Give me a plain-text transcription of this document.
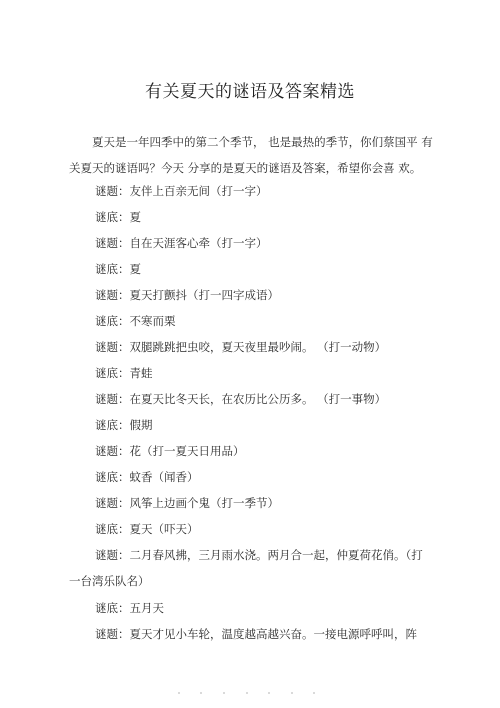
有关夏天的谜语及答案精选
夏天是一年四季中的第二个季节， 也是最热的季节，你们蔡国平 有
关夏天的谜语吗？今天 分享的是夏天的谜语及答案，希望你会喜 欢。
谜题：友伴上百亲无间（打一字）
谜底：夏
谜题：自在天涯客心牵（打一字）
谜底：夏
谜题：夏天打颤抖（打一四字成语）
谜底：不寒而栗
谜题：双腿跳跳把虫咬，夏天夜里最吵闹。 （打一动物）
谜底：青蛙
谜题：在夏天比冬天长，在农历比公历多。 （打一事物）
谜底：假期
谜题：花（打一夏天日用品）
谜底：蚊香（闻香）
谜题：风筝上边画个鬼（打一季节）
谜底：夏天（吓天）
谜题：二月春风拂，三月雨水浇。两月合一起，仲夏荷花俏。（打
一台湾乐队名）
谜底：五月天
谜题：夏天才见小车轮，温度越高越兴奋。一接电源呼呼叫，阵
